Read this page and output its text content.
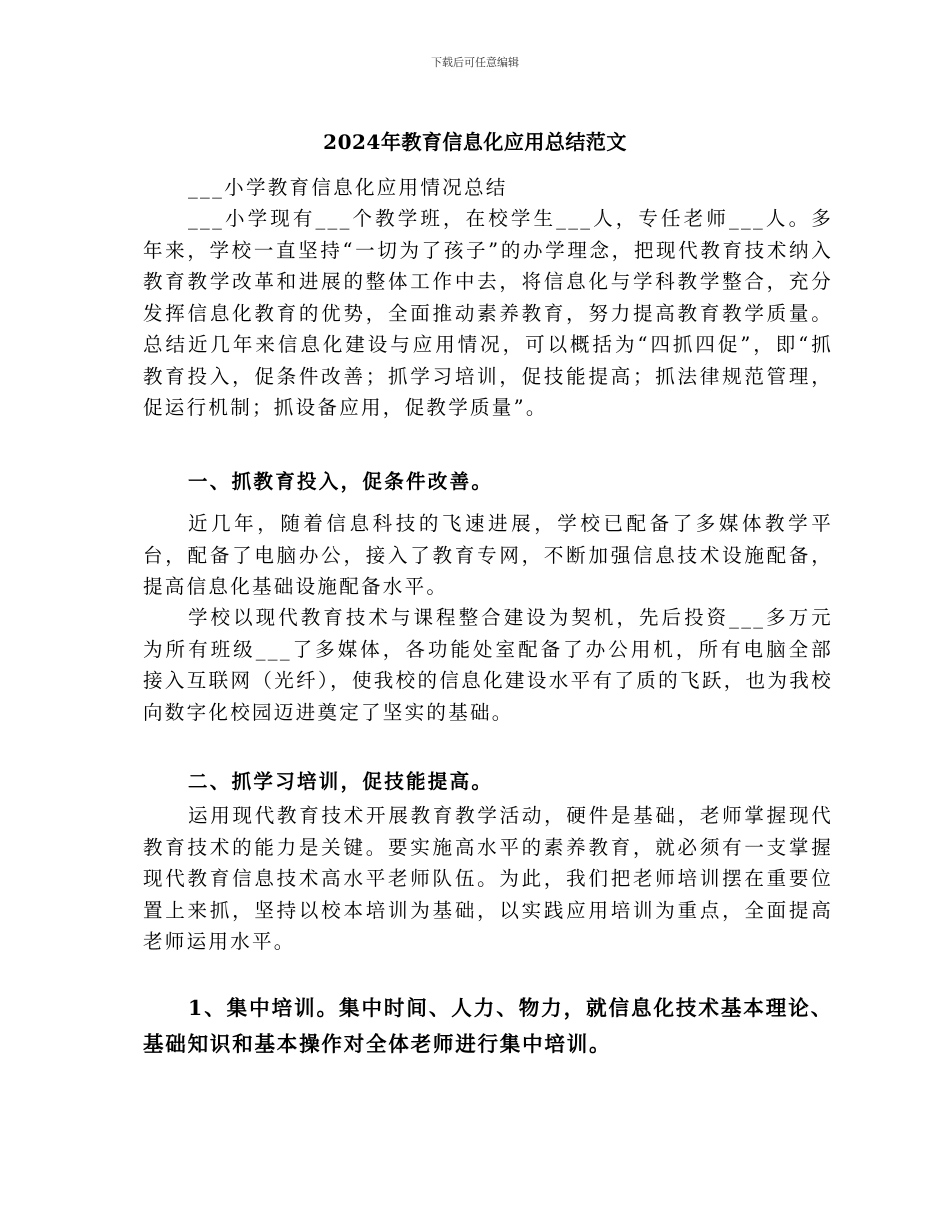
下载后可任意编辑
2024年教育信息化应用总结范文

___小学教育信息化应用情况总结

___小学现有___个教学班，在校学生___人，专任老师___人。多年来，学校一直坚持“一切为了孩子”的办学理念，把现代教育技术纳入教育教学改革和进展的整体工作中去，将信息化与学科教学整合，充分发挥信息化教育的优势，全面推动素养教育，努力提高教育教学质量。总结近几年来信息化建设与应用情况，可以概括为“四抓四促”，即“抓教育投入，促条件改善；抓学习培训，促技能提高；抓法律规范管理，促运行机制；抓设备应用，促教学质量”。

一、抓教育投入，促条件改善。

近几年，随着信息科技的飞速进展，学校已配备了多媒体教学平台，配备了电脑办公，接入了教育专网，不断加强信息技术设施配备，提高信息化基础设施配备水平。

学校以现代教育技术与课程整合建设为契机，先后投资___多万元为所有班级___了多媒体，各功能处室配备了办公用机，所有电脑全部接入互联网（光纤），使我校的信息化建设水平有了质的飞跃，也为我校向数字化校园迈进奠定了坚实的基础。

二、抓学习培训，促技能提高。

运用现代教育技术开展教育教学活动，硬件是基础，老师掌握现代教育技术的能力是关键。要实施高水平的素养教育，就必须有一支掌握现代教育信息技术高水平老师队伍。为此，我们把老师培训摆在重要位置上来抓，坚持以校本培训为基础，以实践应用培训为重点，全面提高老师运用水平。

1、集中培训。集中时间、人力、物力，就信息化技术基本理论、基础知识和基本操作对全体老师进行集中培训。
